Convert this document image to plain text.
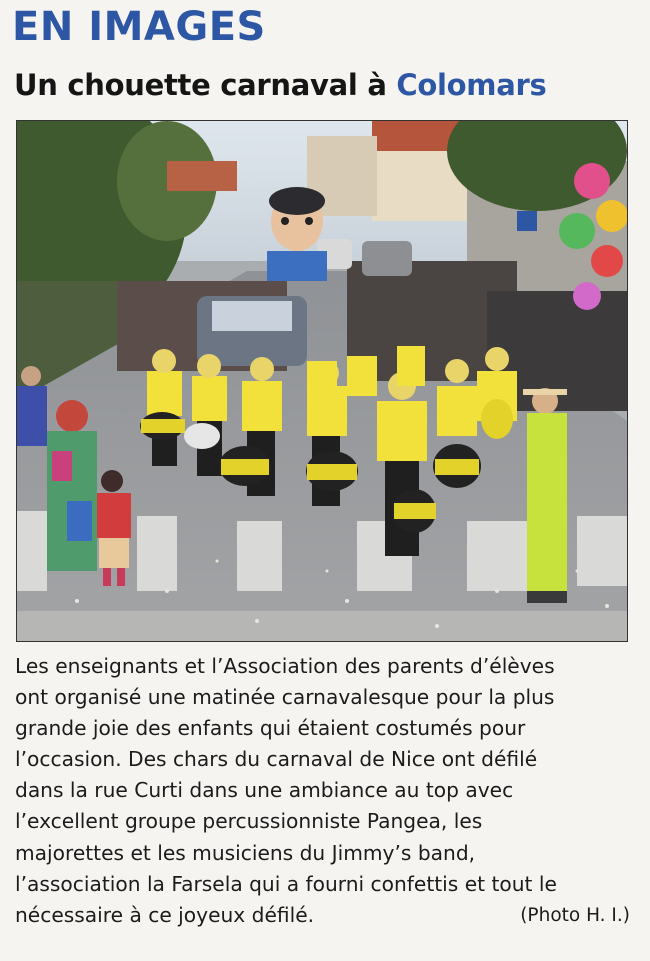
EN IMAGES
Un chouette carnaval à Colomars
Les enseignants et l’Association des parents d’élèves
ont organisé une matinée carnavalesque pour la plus
grande joie des enfants qui étaient costumés pour
l’occasion. Des chars du carnaval de Nice ont défilé
dans la rue Curti dans une ambiance au top avec
l’excellent groupe percussionniste Pangea, les
majorettes et les musiciens du Jimmy’s band,
l’association la Farsela qui a fourni confettis et tout le
nécessaire à ce joyeux défilé.	(Photo H. I.)
